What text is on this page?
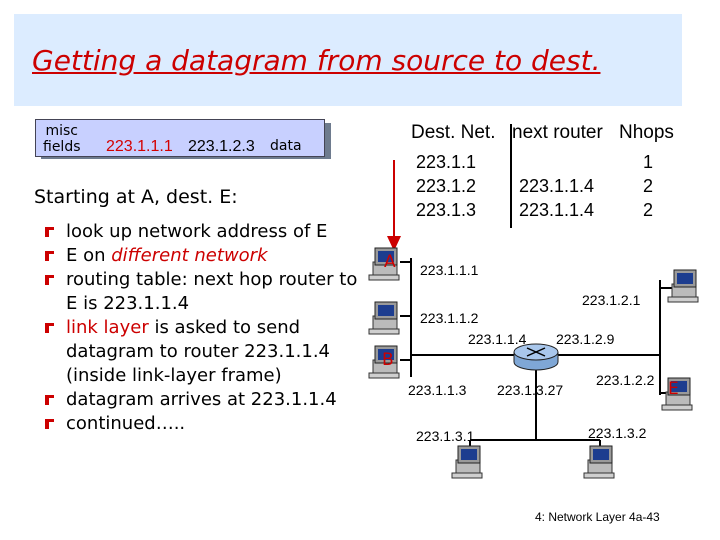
Getting a datagram from source to dest.
misc
fields 223.1.1.1 223.1.2.3 data
Starting at A, dest. E:
look up network address of E
E on different network
routing table: next hop router to E is 223.1.1.4
link layer is asked to send datagram to router 223.1.1.4 (inside link-layer frame)
datagram arrives at 223.1.1.4
continued…..
Dest. Net. next router Nhops
223.1.1
223.1.2
223.1.3
223.1.1.4
223.1.1.4
1
2
2
A
B
E
223.1.1.1
223.1.1.2
223.1.1.3
223.1.1.4 223.1.2.9
223.1.2.1
223.1.2.2
223.1.3.27
223.1.3.1	223.1.3.2
4: Network Layer 4a-43
